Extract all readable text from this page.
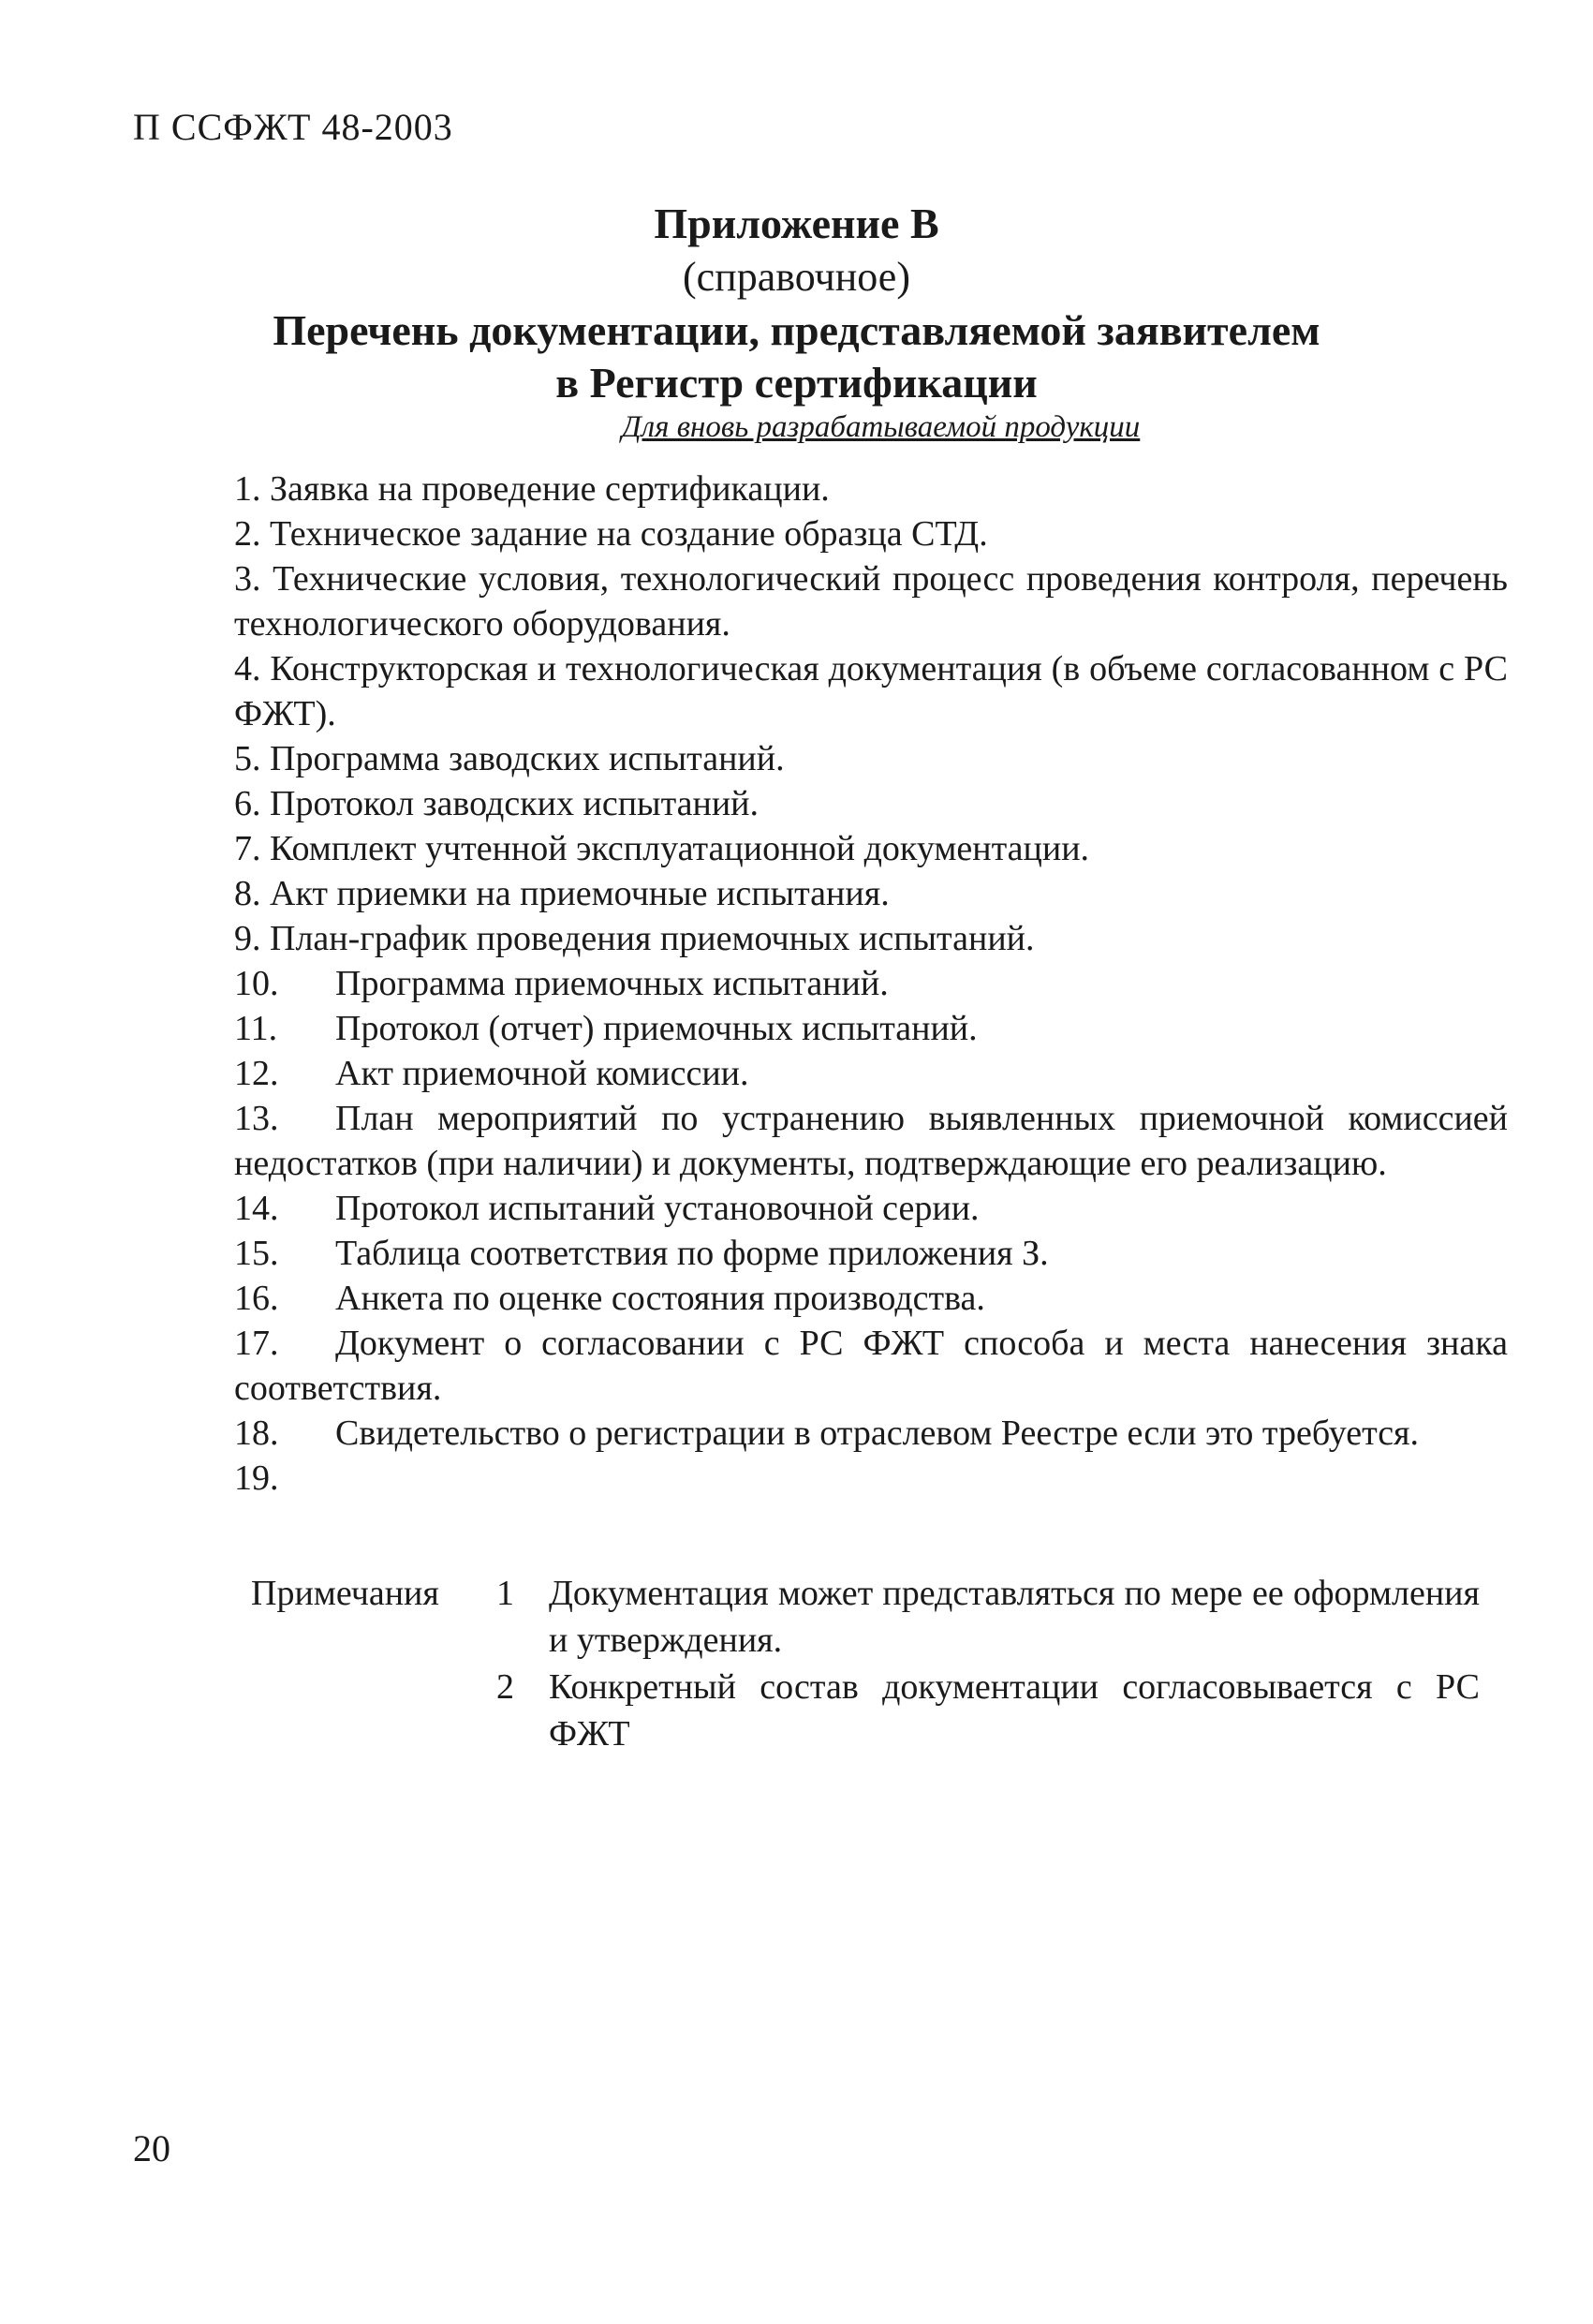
П ССФЖТ 48-2003
Приложение В
(справочное)
Перечень документации, представляемой заявителем
в Регистр сертификации
Для вновь разрабатываемой продукции
1. Заявка на проведение сертификации.
2. Техническое задание на создание образца СТД.
3. Технические условия, технологический процесс проведения контроля, перечень технологического оборудования.
4. Конструкторская и технологическая документация (в объеме согласованном с РС ФЖТ).
5. Программа заводских испытаний.
6. Протокол заводских испытаний.
7. Комплект учтенной эксплуатационной документации.
8. Акт приемки на приемочные испытания.
9. План-график проведения приемочных испытаний.
10. Программа приемочных испытаний.
11. Протокол (отчет) приемочных испытаний.
12. Акт приемочной комиссии.
13. План мероприятий по устранению выявленных приемочной комиссией недостатков (при наличии) и документы, подтверждающие его реализацию.
14. Протокол испытаний установочной серии.
15. Таблица соответствия по форме приложения З.
16. Анкета по оценке состояния производства.
17. Документ о согласовании с РС ФЖТ способа и места нанесения знака соответствия.
18. Свидетельство о регистрации в отраслевом Реестре если это требуется.
19.
Примечания	1 Документация может представляться по мере ее оформления и утверждения.
2 Конкретный состав документации согласовывается с РС ФЖТ
20
